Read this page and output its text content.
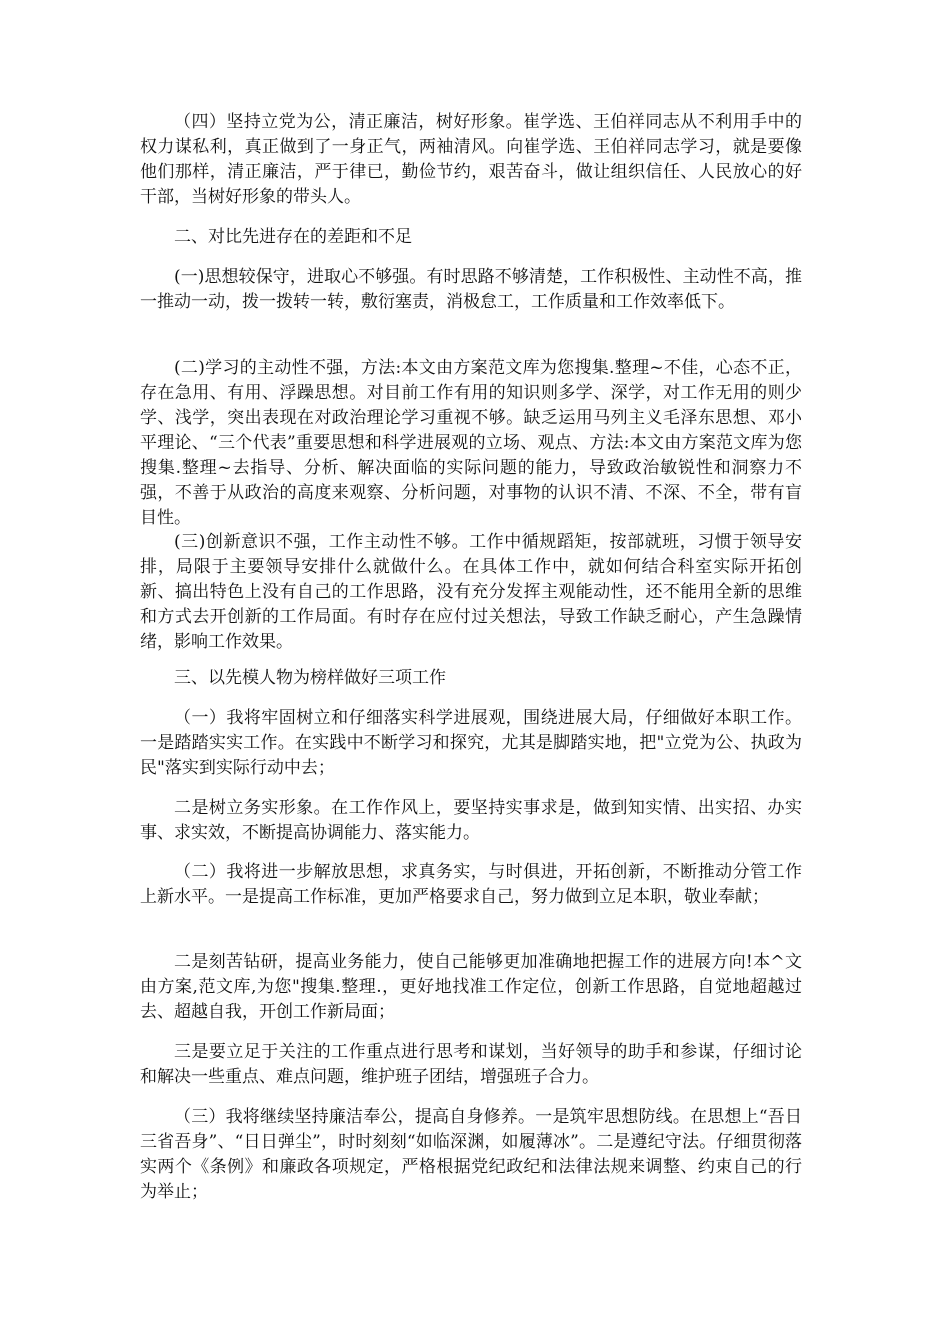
（四）坚持立党为公，清正廉洁，树好形象。崔学选、王伯祥同志从不利用手中的权力谋私利，真正做到了一身正气，两袖清风。向崔学选、王伯祥同志学习，就是要像他们那样，清正廉洁，严于律已，勤俭节约，艰苦奋斗，做让组织信任、人民放心的好干部，当树好形象的带头人。

二、对比先进存在的差距和不足

(一)思想较保守，进取心不够强。有时思路不够清楚，工作积极性、主动性不高，推一推动一动，拨一拨转一转，敷衍塞责，消极怠工，工作质量和工作效率低下。

(二)学习的主动性不强，方法:本文由方案范文库为您搜集.整理~不佳，心态不正，存在急用、有用、浮躁思想。对目前工作有用的知识则多学、深学，对工作无用的则少学、浅学，突出表现在对政治理论学习重视不够。缺乏运用马列主义毛泽东思想、邓小平理论、“三个代表”重要思想和科学进展观的立场、观点、方法:本文由方案范文库为您搜集.整理~去指导、分析、解决面临的实际问题的能力，导致政治敏锐性和洞察力不强，不善于从政治的高度来观察、分析问题，对事物的认识不清、不深、不全，带有盲目性。

(三)创新意识不强，工作主动性不够。工作中循规蹈矩，按部就班，习惯于领导安排，局限于主要领导安排什么就做什么。在具体工作中，就如何结合科室实际开拓创新、搞出特色上没有自己的工作思路，没有充分发挥主观能动性，还不能用全新的思维和方式去开创新的工作局面。有时存在应付过关想法，导致工作缺乏耐心，产生急躁情绪，影响工作效果。

三、以先模人物为榜样做好三项工作

（一）我将牢固树立和仔细落实科学进展观，围绕进展大局，仔细做好本职工作。一是踏踏实实工作。在实践中不断学习和探究，尤其是脚踏实地，把"立党为公、执政为民"落实到实际行动中去；

二是树立务实形象。在工作作风上，要坚持实事求是，做到知实情、出实招、办实事、求实效，不断提高协调能力、落实能力。

（二）我将进一步解放思想，求真务实，与时俱进，开拓创新，不断推动分管工作上新水平。一是提高工作标准，更加严格要求自己，努力做到立足本职，敬业奉献；

二是刻苦钻研，提高业务能力，使自己能够更加准确地把握工作的进展方向!本^文由方案,范文库,为您"搜集.整理.，更好地找准工作定位，创新工作思路，自觉地超越过去、超越自我，开创工作新局面；

三是要立足于关注的工作重点进行思考和谋划，当好领导的助手和参谋，仔细讨论和解决一些重点、难点问题，维护班子团结，增强班子合力。

（三）我将继续坚持廉洁奉公，提高自身修养。一是筑牢思想防线。在思想上“吾日三省吾身”、“日日弹尘”，时时刻刻“如临深渊，如履薄冰”。二是遵纪守法。仔细贯彻落实两个《条例》和廉政各项规定，严格根据党纪政纪和法律法规来调整、约束自己的行为举止；
